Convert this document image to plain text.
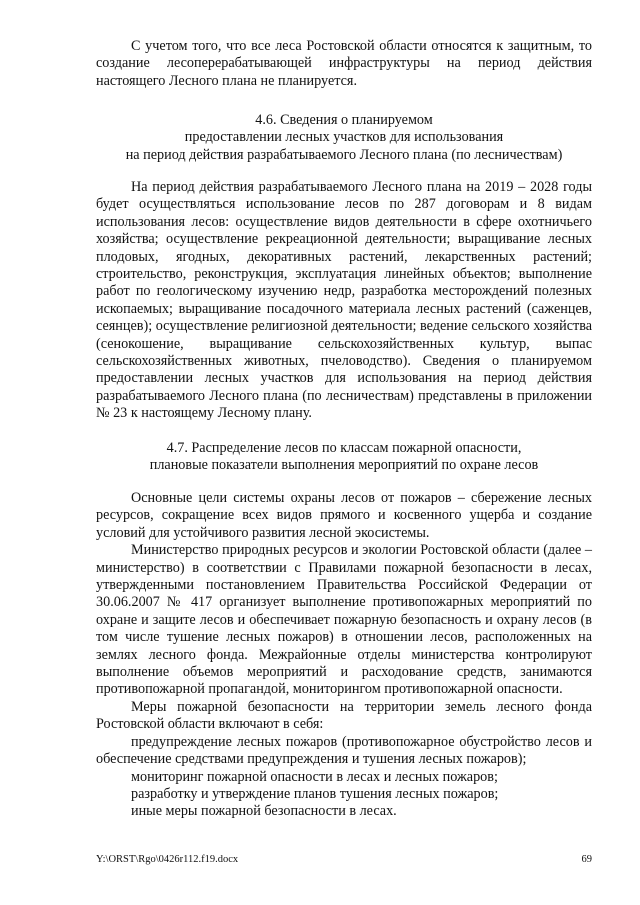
С учетом того, что все леса Ростовской области относятся к защитным, то создание лесоперерабатывающей инфраструктуры на период действия настоящего Лесного плана не планируется.

4.6. Сведения о планируемом

предоставлении лесных участков для использования

на период действия разрабатываемого Лесного плана (по лесничествам)

На период действия разрабатываемого Лесного плана на 2019 – 2028 годы будет осуществляться использование лесов по 287 договорам и 8 видам использования лесов: осуществление видов деятельности в сфере охотничьего хозяйства; осуществление рекреационной деятельности; выращивание лесных плодовых, ягодных, декоративных растений, лекарственных растений; строительство, реконструкция, эксплуатация линейных объектов; выполнение работ по геологическому изучению недр, разработка месторождений полезных ископаемых; выращивание посадочного материала лесных растений (саженцев, сеянцев); осуществление религиозной деятельности; ведение сельского хозяйства (сенокошение, выращивание сельскохозяйственных культур, выпас сельскохозяйственных животных, пчеловодство). Сведения о планируемом предоставлении лесных участков для использования на период действия разрабатываемого Лесного плана (по лесничествам) представлены в приложении № 23 к настоящему Лесному плану.

4.7. Распределение лесов по классам пожарной опасности,

плановые показатели выполнения мероприятий по охране лесов

Основные цели системы охраны лесов от пожаров – сбережение лесных ресурсов, сокращение всех видов прямого и косвенного ущерба и создание условий для устойчивого развития лесной экосистемы.

Министерство природных ресурсов и экологии Ростовской области (далее – министерство) в соответствии с Правилами пожарной безопасности в лесах, утвержденными постановлением Правительства Российской Федерации от 30.06.2007 № 417 организует выполнение противопожарных мероприятий по охране и защите лесов и обеспечивает пожарную безопасность и охрану лесов (в том числе тушение лесных пожаров) в отношении лесов, расположенных на землях лесного фонда. Межрайонные отделы министерства контролируют выполнение объемов мероприятий и расходование средств, занимаются противопожарной пропагандой, мониторингом противопожарной опасности.

Меры пожарной безопасности на территории земель лесного фонда Ростовской области включают в себя:

предупреждение лесных пожаров (противопожарное обустройство лесов и обеспечение средствами предупреждения и тушения лесных пожаров);

мониторинг пожарной опасности в лесах и лесных пожаров;

разработку и утверждение планов тушения лесных пожаров;

иные меры пожарной безопасности в лесах.

Y:\ORST\Rgo\0426r112.f19.docx	69
